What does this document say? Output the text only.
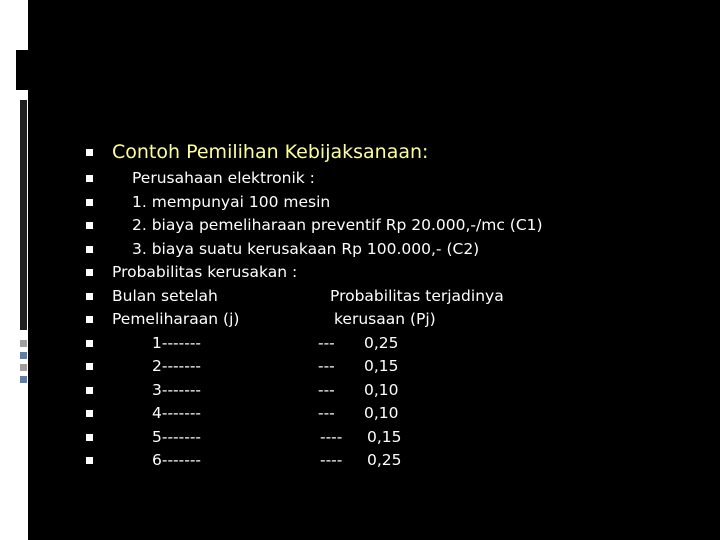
Contoh Pemilihan Kebijaksanaan:
Perusahaan elektronik :
1. mempunyai 100 mesin
2. biaya pemeliharaan preventif Rp 20.000,-/mc (C1)
3. biaya suatu kerusakaan Rp 100.000,- (C2)
Probabilitas kerusakan :
Bulan setelah	Probabilitas terjadinya
Pemeliharaan (j)	kerusaan (Pj)
1-------	--- 0,25
2-------	--- 0,15
3-------	--- 0,10
4-------	--- 0,10
5-------	---- 0,15
6-------	---- 0,25
